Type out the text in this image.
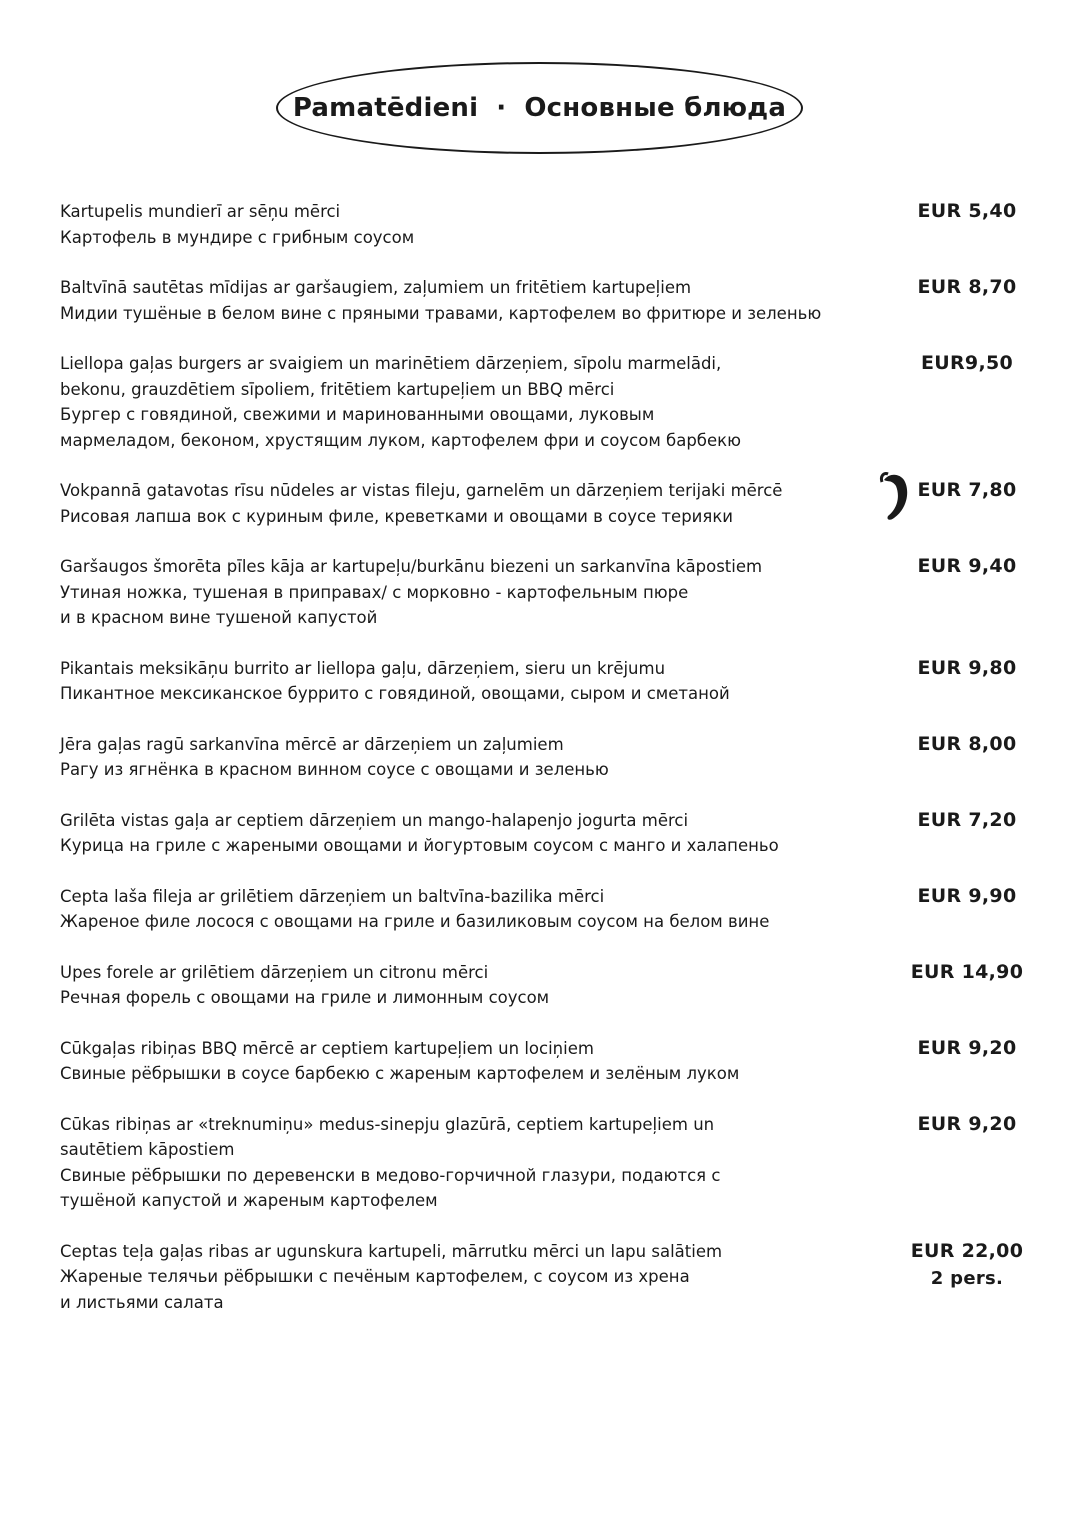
Pamatēdieni · Основные блюда
Kartupelis mundierī ar sēņu mērci
Картофель в мундире с грибным соусом
EUR 5,40
Baltvīnā sautētas mīdijas ar garšaugiem, zaļumiem un fritētiem kartupeļiem
Мидии тушёные в белом вине с пряными травами, картофелем во фритюре и зеленью
EUR 8,70
Liellopa gaļas burgers ar svaigiem un marinētiem dārzeņiem, sīpolu marmelādi,
bekonu, grauzdētiem sīpoliem, fritētiem kartupeļiem un BBQ mērci
Бургер с говядиной, свежими и маринованными овощами, луковым
мармеладом, беконом, хрустящим луком, картофелем фри и соусом барбекю
EUR9,50
Vokpannā gatavotas rīsu nūdeles ar vistas fileju, garnelēm un dārzeņiem terijaki mērcē
Рисовая лапша вок с куриным филе, креветками и овощами в соусе терияки
EUR 7,80
Garšaugos šmorēta pīles kāja ar kartupeļu/burkānu biezeni un sarkanvīna kāpostiem
Утиная ножка, тушеная в приправах/ с морковно - картофельным пюре
и в красном вине тушеной капустой
EUR 9,40
Pikantais meksikāņu burrito ar liellopa gaļu, dārzeņiem, sieru un krējumu
Пикантное мексиканское буррито с говядиной, овощами, сыром и сметаной
EUR 9,80
Jēra gaļas ragū sarkanvīna mērcē ar dārzeņiem un zaļumiem
Рагу из ягнёнка в красном винном соусе с овощами и зеленью
EUR 8,00
Grilēta vistas gaļa ar ceptiem dārzeņiem un mango-halapenjo jogurta mērci
Курица на гриле с жареными овощами и йогуртовым соусом с манго и халапеньо
EUR 7,20
Cepta laša fileja ar grilētiem dārzeņiem un baltvīna-bazilika mērci
Жареное филе лосося с овощами на гриле и базиликовым соусом на белом вине
EUR 9,90
Upes forele ar grilētiem dārzeņiem un citronu mērci
Речная форель с овощами на гриле и лимонным соусом
EUR 14,90
Cūkgaļas ribiņas BBQ mērcē ar ceptiem kartupeļiem un lociņiem
Свиные рёбрышки в соусе барбекю с жареным картофелем и зелёным луком
EUR 9,20
Cūkas ribiņas ar «treknumiņu» medus-sinepju glazūrā, ceptiem kartupeļiem un
sautētiem kāpostiem
Свиные рёбрышки по деревенски в медово-горчичной глазури, подаются с
тушёной капустой и жареным картофелем
EUR 9,20
Ceptas teļa gaļas ribas ar ugunskura kartupeli, mārrutku mērci un lapu salātiem
Жареные телячьи рёбрышки с печёным картофелем, с соусом из хрена
и листьями салата
EUR 22,00
2 pers.
